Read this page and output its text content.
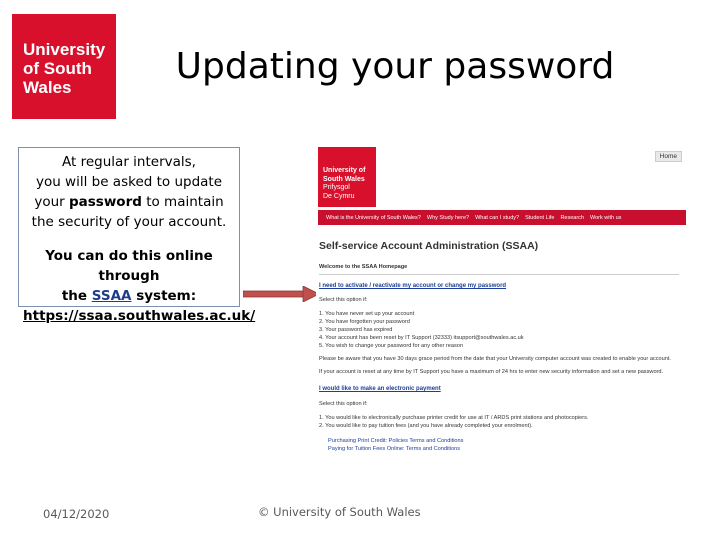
University
of South
Wales
Updating your password
At regular intervals,
you will be asked to update
your password to maintain
the security of your account.
You can do this online through
the SSAA system:
https://ssaa.southwales.ac.uk/
University of
South Wales
Prifysgol
De Cymru
Home
What is the University of South Wales? Why Study here? What can I study? Student Life Research Work with us
Self-service Account Administration (SSAA)
Welcome to the SSAA Homepage
I need to activate / reactivate my account or change my password
Select this option if:
1. You have never set up your account
2. You have forgotten your password
3. Your password has expired
4. Your account has been reset by IT Support (32333) itsupport@southwales.ac.uk
5. You wish to change your password for any other reason
Please be aware that you have 30 days grace period from the date that your University computer account was created to enable your account.
If your account is reset at any time by IT Support you have a maximum of 24 hrs to enter new security information and set a new password.
I would like to make an electronic payment
Select this option if:
1. You would like to electronically purchase printer credit for use at IT / ARDS print stations and photocopiers.
2. You would like to pay tuition fees (and you have already completed your enrolment).
Purchasing Print Credit: Policies Terms and Conditions
Paying for Tuition Fees Online: Terms and Conditions
04/12/2020	© University of South Wales
